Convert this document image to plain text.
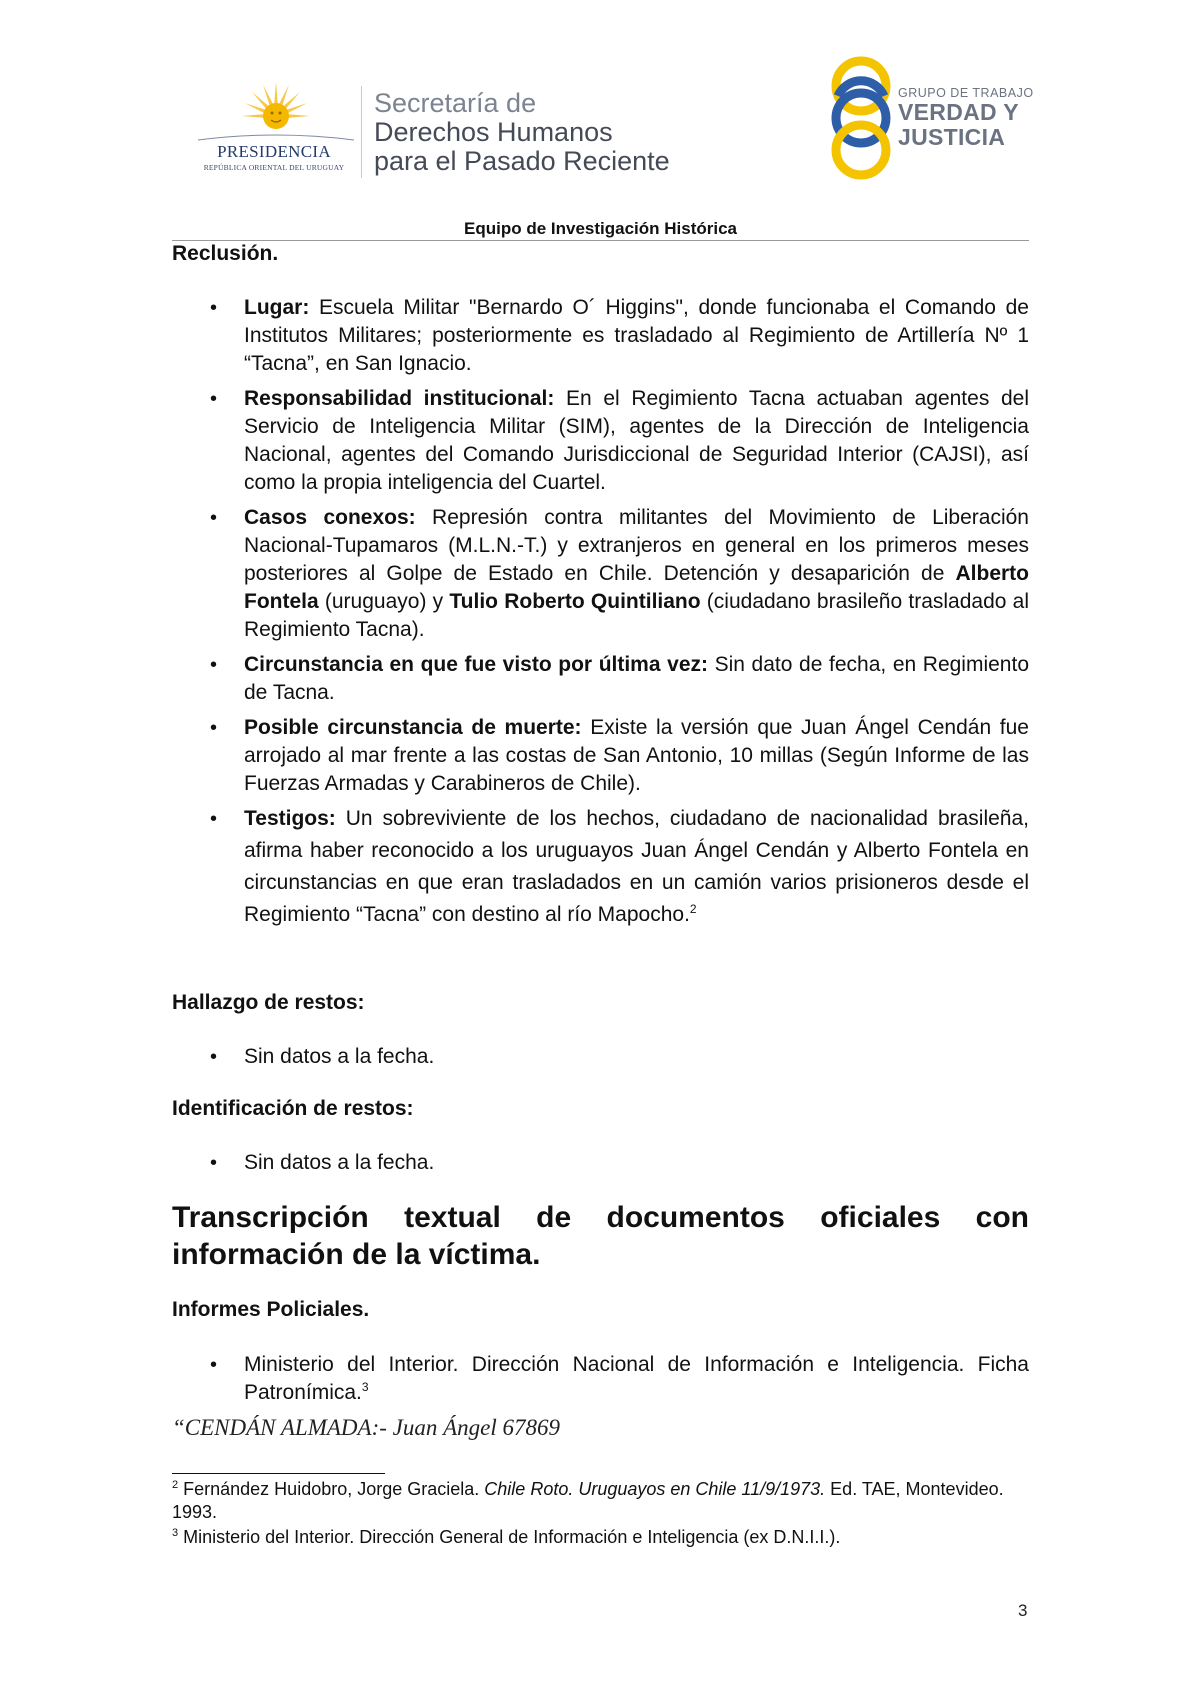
PRESIDENCIA
REPÚBLICA ORIENTAL DEL URUGUAY
Secretaría de
Derechos Humanos
para el Pasado Reciente
GRUPO DE TRABAJO
VERDAD Y
JUSTICIA
Equipo de Investigación Histórica
Reclusión.
• Lugar: Escuela Militar "Bernardo O´ Higgins", donde funcionaba el Comando de Institutos Militares; posteriormente es trasladado al Regimiento de Artillería Nº 1 “Tacna”, en San Ignacio.
• Responsabilidad institucional: En el Regimiento Tacna actuaban agentes del Servicio de Inteligencia Militar (SIM), agentes de la Dirección de Inteligencia Nacional, agentes del Comando Jurisdiccional de Seguridad Interior (CAJSI), así como la propia inteligencia del Cuartel.
• Casos conexos: Represión contra militantes del Movimiento de Liberación Nacional-Tupamaros (M.L.N.-T.) y extranjeros en general en los primeros meses posteriores al Golpe de Estado en Chile. Detención y desaparición de Alberto Fontela (uruguayo) y Tulio Roberto Quintiliano (ciudadano brasileño trasladado al Regimiento Tacna).
• Circunstancia en que fue visto por última vez: Sin dato de fecha, en Regimiento de Tacna.
• Posible circunstancia de muerte: Existe la versión que Juan Ángel Cendán fue arrojado al mar frente a las costas de San Antonio, 10 millas (Según Informe de las Fuerzas Armadas y Carabineros de Chile).
• Testigos: Un sobreviviente de los hechos, ciudadano de nacionalidad brasileña, afirma haber reconocido a los uruguayos Juan Ángel Cendán y Alberto Fontela en circunstancias en que eran trasladados en un camión varios prisioneros desde el Regimiento “Tacna” con destino al río Mapocho.$^2$
Hallazgo de restos:
• Sin datos a la fecha.
Identificación de restos:
• Sin datos a la fecha.
Transcripción textual de documentos oficiales con información de la víctima.
Informes Policiales.
• Ministerio del Interior. Dirección Nacional de Información e Inteligencia. Ficha Patronímica.$^3$
“CENDÁN ALMADA:- Juan Ángel 67869
$^2$ Fernández Huidobro, Jorge Graciela. Chile Roto. Uruguayos en Chile 11/9/1973. Ed. TAE, Montevideo. 1993.
$^3$ Ministerio del Interior. Dirección General de Información e Inteligencia (ex D.N.I.I.).
3
